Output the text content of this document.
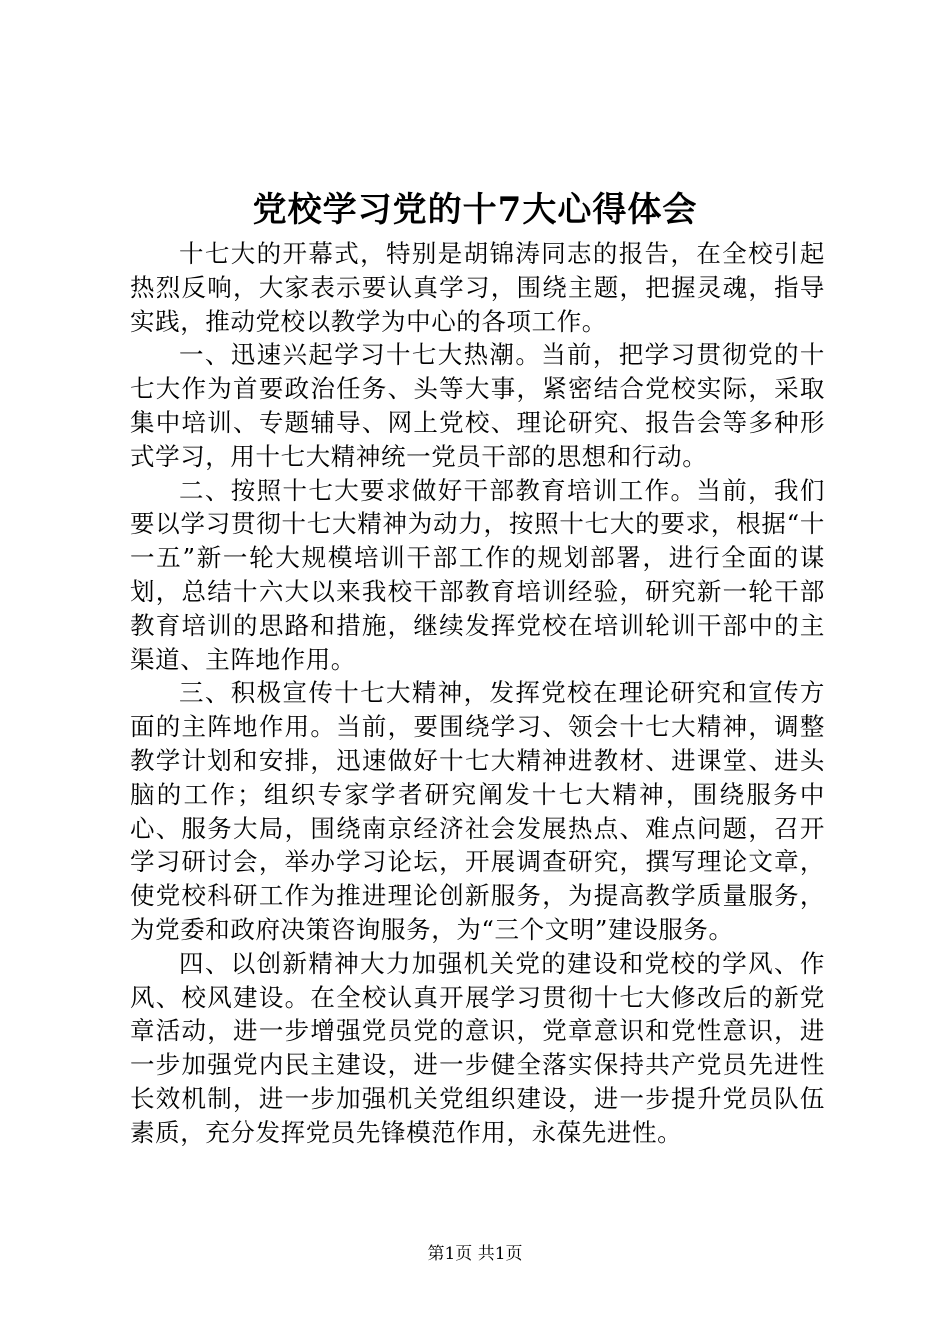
党校学习党的十7大心得体会

十七大的开幕式，特别是胡锦涛同志的报告，在全校引起热烈反响，大家表示要认真学习，围绕主题，把握灵魂，指导实践，推动党校以教学为中心的各项工作。

一、迅速兴起学习十七大热潮。当前，把学习贯彻党的十七大作为首要政治任务、头等大事，紧密结合党校实际，采取集中培训、专题辅导、网上党校、理论研究、报告会等多种形式学习，用十七大精神统一党员干部的思想和行动。

二、按照十七大要求做好干部教育培训工作。当前，我们要以学习贯彻十七大精神为动力，按照十七大的要求，根据“十一五”新一轮大规模培训干部工作的规划部署，进行全面的谋划，总结十六大以来我校干部教育培训经验，研究新一轮干部教育培训的思路和措施，继续发挥党校在培训轮训干部中的主渠道、主阵地作用。

三、积极宣传十七大精神，发挥党校在理论研究和宣传方面的主阵地作用。当前，要围绕学习、领会十七大精神，调整教学计划和安排，迅速做好十七大精神进教材、进课堂、进头脑的工作；组织专家学者研究阐发十七大精神，围绕服务中心、服务大局，围绕南京经济社会发展热点、难点问题，召开学习研讨会，举办学习论坛，开展调查研究，撰写理论文章，使党校科研工作为推进理论创新服务，为提高教学质量服务，为党委和政府决策咨询服务，为“三个文明”建设服务。

四、以创新精神大力加强机关党的建设和党校的学风、作风、校风建设。在全校认真开展学习贯彻十七大修改后的新党章活动，进一步增强党员党的意识，党章意识和党性意识，进一步加强党内民主建设，进一步健全落实保持共产党员先进性长效机制，进一步加强机关党组织建设，进一步提升党员队伍素质，充分发挥党员先锋模范作用，永葆先进性。

第1页 共1页
